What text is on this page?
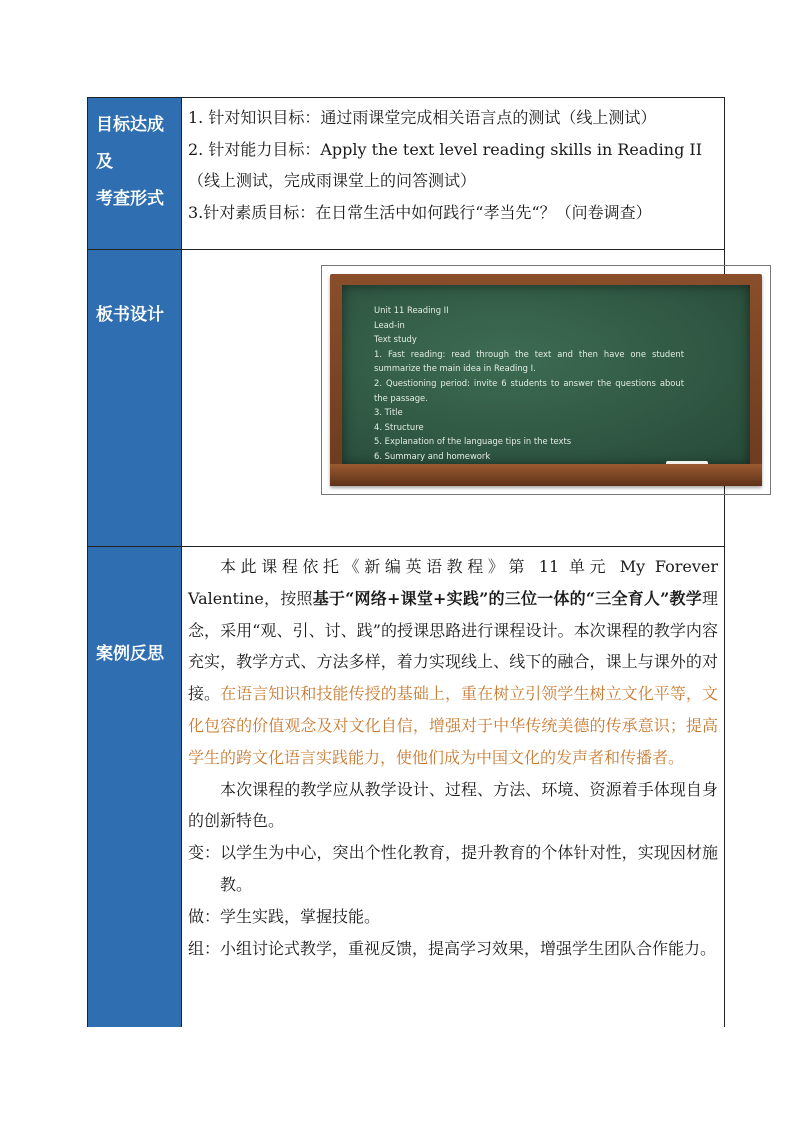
目标达成
及
考查形式

1. 针对知识目标：通过雨课堂完成相关语言点的测试（线上测试）

2. 针对能力目标：Apply the text level reading skills in Reading II（线上测试，完成雨课堂上的问答测试）

3.针对素质目标：在日常生活中如何践行“孝当先“？（问卷调查）

板书设计	Unit 11 Reading II
Lead-in
Text study
1. Fast reading: read through the text and then have one student summarize the main idea in Reading I.
2. Questioning period: invite 6 students to answer the questions about the passage.
3. Title
4. Structure
5. Explanation of the language tips in the texts
6. Summary and homework
案例反思

本此课程依托《新编英语教程》第 11 单元 My Forever Valentine，按照基于“网络+课堂+实践”的三位一体的“三全育人”教学理念，采用“观、引、讨、践”的授课思路进行课程设计。本次课程的教学内容充实，教学方式、方法多样，着力实现线上、线下的融合，课上与课外的对接。在语言知识和技能传授的基础上，重在树立引领学生树立文化平等，文化包容的价值观念及对文化自信，增强对于中华传统美德的传承意识；提高学生的跨文化语言实践能力，使他们成为中国文化的发声者和传播者。

本次课程的教学应从教学设计、过程、方法、环境、资源着手体现自身的创新特色。

变：以学生为中心，突出个性化教育，提升教育的个体针对性，实现因材施教。

做：学生实践，掌握技能。

组：小组讨论式教学，重视反馈，提高学习效果，增强学生团队合作能力。
